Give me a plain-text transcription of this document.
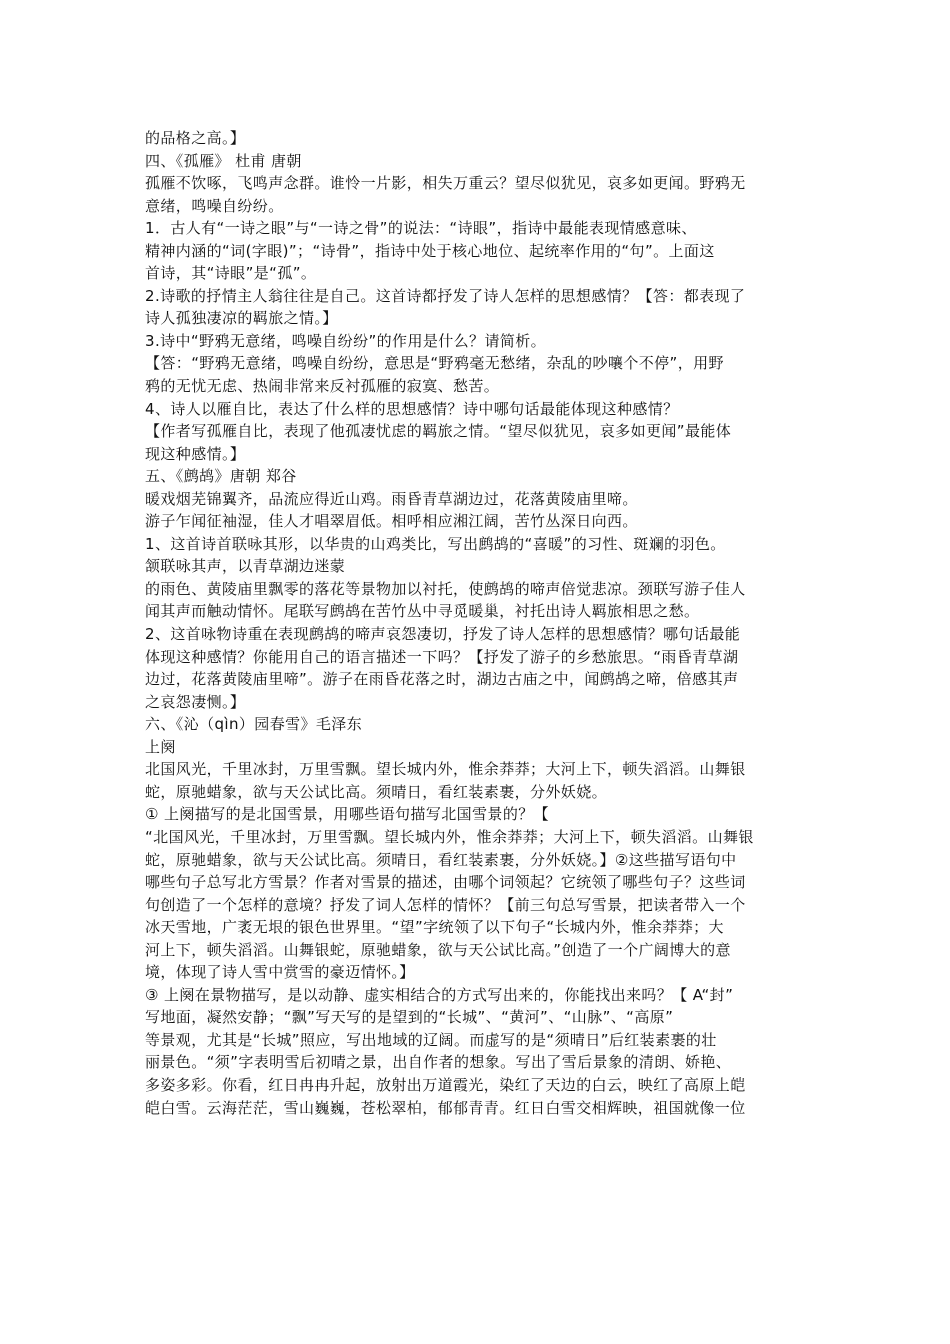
的品格之高。】
四、《孤雁》 杜甫 唐朝
孤雁不饮啄，飞鸣声念群。谁怜一片影，相失万重云？望尽似犹见，哀多如更闻。野鸦无
意绪，鸣噪自纷纷。
1．古人有“一诗之眼”与“一诗之骨”的说法：“诗眼”，指诗中最能表现情感意味、
精神内涵的“词(字眼)”；“诗骨”，指诗中处于核心地位、起统率作用的“句”。上面这
首诗，其“诗眼”是“孤”。
2.诗歌的抒情主人翁往往是自己。这首诗都抒发了诗人怎样的思想感情？【答：都表现了
诗人孤独凄凉的羁旅之情。】
3.诗中“野鸦无意绪，鸣噪自纷纷”的作用是什么？请简析。
【答：“野鸦无意绪，鸣噪自纷纷，意思是“野鸦毫无愁绪，杂乱的吵嚷个不停”，用野
鸦的无忧无虑、热闹非常来反衬孤雁的寂寞、愁苦。
4、诗人以雁自比，表达了什么样的思想感情？诗中哪句话最能体现这种感情？
【作者写孤雁自比，表现了他孤凄忧虑的羁旅之情。“望尽似犹见，哀多如更闻”最能体
现这种感情。】
五、《鹧鸪》唐朝 郑谷
暖戏烟芜锦翼齐，品流应得近山鸡。雨昏青草湖边过，花落黄陵庙里啼。
游子乍闻征袖湿，佳人才唱翠眉低。相呼相应湘江阔，苦竹丛深日向西。
1、这首诗首联咏其形，以华贵的山鸡类比，写出鹧鸪的“喜暖”的习性、斑斓的羽色。
颔联咏其声，以青草湖边迷蒙
的雨色、黄陵庙里飘零的落花等景物加以衬托，使鹧鸪的啼声倍觉悲凉。颈联写游子佳人
闻其声而触动情怀。尾联写鹧鸪在苦竹丛中寻觅暖巢，衬托出诗人羁旅相思之愁。
2、这首咏物诗重在表现鹧鸪的啼声哀怨凄切，抒发了诗人怎样的思想感情？哪句话最能
体现这种感情？你能用自己的语言描述一下吗？【抒发了游子的乡愁旅思。“雨昏青草湖
边过，花落黄陵庙里啼”。游子在雨昏花落之时，湖边古庙之中，闻鹧鸪之啼，倍感其声
之哀怨凄恻。】
六、《沁（qìn）园春雪》毛泽东
上阕
北国风光，千里冰封，万里雪飘。望长城内外，惟余莽莽；大河上下，顿失滔滔。山舞银
蛇，原驰蜡象，欲与天公试比高。须晴日，看红装素裹，分外妖娆。
① 上阕描写的是北国雪景，用哪些语句描写北国雪景的？【
“北国风光，千里冰封，万里雪飘。望长城内外，惟余莽莽；大河上下，顿失滔滔。山舞银
蛇，原驰蜡象，欲与天公试比高。须晴日，看红装素裹，分外妖娆。】②这些描写语句中
哪些句子总写北方雪景？作者对雪景的描述，由哪个词领起？它统领了哪些句子？这些词
句创造了一个怎样的意境？抒发了词人怎样的情怀？【前三句总写雪景，把读者带入一个
冰天雪地，广袤无垠的银色世界里。“望”字统领了以下句子“长城内外，惟余莽莽；大
河上下，顿失滔滔。山舞银蛇，原驰蜡象，欲与天公试比高。”创造了一个广阔博大的意
境，体现了诗人雪中赏雪的豪迈情怀。】
③ 上阕在景物描写，是以动静、虚实相结合的方式写出来的，你能找出来吗？【 A“封”
写地面，凝然安静；“飘”写天写的是望到的“长城”、“黄河”、“山脉”、“高原”
等景观，尤其是“长城”照应，写出地域的辽阔。而虚写的是“须晴日”后红装素裹的壮
丽景色。“须”字表明雪后初晴之景，出自作者的想象。写出了雪后景象的清朗、娇艳、
多姿多彩。你看，红日冉冉升起，放射出万道霞光，染红了天边的白云，映红了高原上皑
皑白雪。云海茫茫，雪山巍巍，苍松翠柏，郁郁青青。红日白雪交相辉映，祖国就像一位
